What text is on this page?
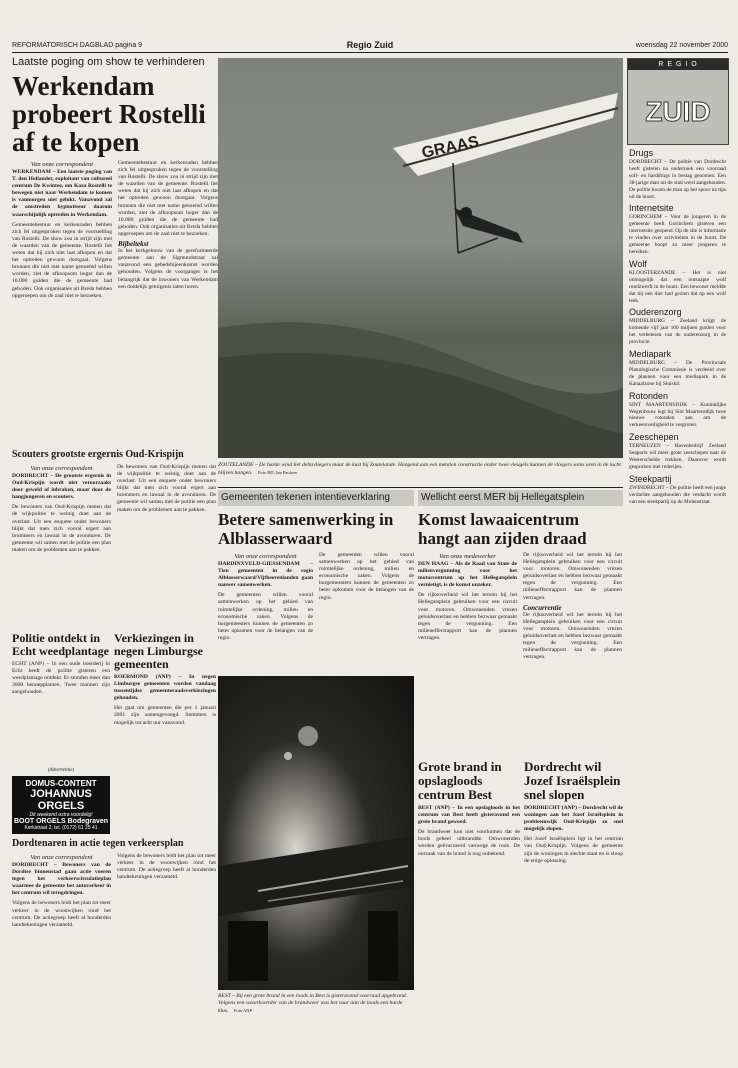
REFORMATORISCH DAGBLAD pagina 9	Regio Zuid	woensdag 22 november 2000
Laatste poging om show te verhinderen
Werkendam probeert Rostelli af te kopen
Van onze correspondent
WERKENDAM – Een laatste poging van T. den Hollander, exploitant van cultureel centrum De Kwintee, om Kaza Rostelli te bewegen niet naar Werkendam te komen is vanmorgen niet gelukt. Vanavond zal de omstreden hypnotiseur daarom waarschijnlijk optreden in Werkendam.
Gemeentebestuur en kerkenraden hebben zich fel uitgesproken tegen de voorstelling van Rostelli. De show zou in strijd zijn met de waarden van de gemeente. Rostelli liet weten dat hij zich niet laat afkopen en dat het optreden gewoon doorgaat. Volgens bronnen die niet met name genoemd willen worden, ziet de afkoopsom hoger dan de 10.000 gulden die de gemeente had geboden. Ook organisaties uit Breda hebben opgeroepen om de zaal niet te bezoeken.
Gemeentebestuur en kerkenraden hebben zich fel uitgesproken tegen de voorstelling van Rostelli. De show zou in strijd zijn met de waarden van de gemeente. Rostelli liet weten dat hij zich niet laat afkopen en dat het optreden gewoon doorgaat. Volgens bronnen die niet met name genoemd willen worden, ziet de afkoopsom hoger dan de 10.000 gulden die de gemeente had geboden. Ook organisaties uit Breda hebben opgeroepen om de zaal niet te bezoeken.
Bijbeltekst
In het kerkgebouw van de gereformeerde gemeente aan de Sigmundstraat zal vanavond een gebedsbijeenkomst worden gehouden. Volgens de voorganger is het belangrijk dat de inwoners van Werkendam een duidelijk getuigenis laten horen.
GRAAS
ZOUTELANDE – De harde wind liet deltavliegers maar de kust bij Zoutelande. Hangend aan een metalen constructie onder twee vleugels kunnen de vliegers soms uren in de lucht blijven hangen. Foto RD, Jan Paulsen
R E G I O
ZUID
Drugs
DORDRECHT – De politie van Dordrecht heeft gisteren na onderzoek een voorraad soft- en harddrugs in beslag genomen. Een 38-jarige man uit de stad werd aangehouden. De politie kwam de man op het spoor na tips uit de buurt.
Internetsite
GORINCHEM – Voor de jongeren in de gemeente heeft Gorinchem gisteren een internetsite geopend. Op de site is informatie te vinden over activiteiten in de buurt. De gemeente hoopt zo meer jongeren te bereiken.
Wolf
KLOOSTERZANDE – Het is niet onmogelijk dat een ontsnapte wolf rondzwerft in de buurt. Een bewoner meldde dat hij een dier had gezien dat op een wolf leek.
Ouderenzorg
MIDDELBURG – Zeeland krijgt de komende vijf jaar 160 miljoen gulden voor het verbeteren van de ouderenzorg in de provincie.
Mediapark
MIDDELBURG – De Provinciale Planologische Commissie is verdeeld over de plannen voor een mediapark in de Kanaalzone bij Sluiskil.
Rotonden
SINT MAARTENSDIJK – Koninklijke Wegenbouw legt bij Sint Maartensdijk twee nieuwe rotonden aan om de verkeersveiligheid te vergroten.
Zeeschepen
TERNEUZEN – Havenbedrijf Zeeland Seaports wil meer grote zeeschepen naar de Westerschelde trekken. Daarover wordt gesproken met rederijen.
Steekpartij
ZWINDRECHT – De politie heeft een jonge verdachte aangehouden die verdacht wordt van een steekpartij op de Molenstraat.
Scouters grootste ergernis Oud-Krispijn
Van onze correspondent
DORDRECHT – De grootste ergernis in Oud-Krispijn wordt niet veroorzaakt door geweld of inbraken, maar door de hangjongeren en scouters.
De bewoners van Oud-Krispijn menen dat de wijkpolitie te weinig doet aan de overlast. Uit een enquete onder bewoners blijkt dat men zich vooral ergert aan brommers en lawaai in de avonduren. De gemeente wil samen met de politie een plan maken om de problemen aan te pakken.
De bewoners van Oud-Krispijn menen dat de wijkpolitie te weinig doet aan de overlast. Uit een enquete onder bewoners blijkt dat men zich vooral ergert aan brommers en lawaai in de avonduren. De gemeente wil samen met de politie een plan maken om de problemen aan te pakken.
Politie ontdekt in Echt weedplantage
ECHT (ANP) – In een oude boerderij in Echt heeft de politie gisteren een weedplantage ontdekt. Er stonden meer dan 3000 hennepplanten. Twee mannen zijn aangehouden.
(Advertentie)
DOMUS-CONTENT
JOHANNUS ORGELS
Dit weekend extra voordelig!
BOOT ORGELS Bodegraven
Kerkstraat 2, tel. (0172) 61 25 41
Verkiezingen in negen Limburgse gemeenten
ROERMOND (ANP) – In negen Limburgse gemeenten worden vandaag tussentijdse gemeenteraadsverkiezingen gehouden.
Het gaat om gemeenten die per 1 januari 2001 zijn samengevoegd. Stemmen is mogelijk tot acht uur vanavond.
Dordtenaren in actie tegen verkeersplan
Van onze correspondent
DORDRECHT – Bewoners van de Dordtse binnenstad gaan actie voeren tegen het verkeerscirculatieplan waarmee de gemeente het autoverkeer in het centrum wil terugdringen.
Volgens de bewoners leidt het plan tot meer verkeer in de woonwijken rond het centrum. De actiegroep heeft al honderden handtekeningen verzameld.
Volgens de bewoners leidt het plan tot meer verkeer in de woonwijken rond het centrum. De actiegroep heeft al honderden handtekeningen verzameld.
Gemeenten tekenen intentieverklaring
Betere samenwerking in Alblasserwaard
Van onze correspondent
HARDINXVELD-GIESSENDAM – Tien gemeenten in de regio Alblasserwaard/Vijfheerenlanden gaan nauwer samenwerken.
De gemeenten willen vooral samenwerken op het gebied van ruimtelijke ordening, milieu en economische zaken. Volgens de burgemeesters kunnen de gemeenten zo beter opkomen voor de belangen van de regio.
De gemeenten willen vooral samenwerken op het gebied van ruimtelijke ordening, milieu en economische zaken. Volgens de burgemeesters kunnen de gemeenten zo beter opkomen voor de belangen van de regio.
Wellicht eerst MER bij Hellegatsplein
Komst lawaaicentrum hangt aan zijden draad
Van onze medewerker
DEN HAAG – Als de Raad van State de milieuvergunning voor het motorcentrum op het Hellegatsplein vernietigt, is de komst onzeker.
De rijksoverheid wil het terrein bij het Hellegatsplein gebruiken voor een circuit voor motoren. Omwonenden vrezen geluidsoverlast en hebben bezwaar gemaakt tegen de vergunning. Een milieueffectrapport kan de plannen vertragen.
De rijksoverheid wil het terrein bij het Hellegatsplein gebruiken voor een circuit voor motoren. Omwonenden vrezen geluidsoverlast en hebben bezwaar gemaakt tegen de vergunning. Een milieueffectrapport kan de plannen vertragen.
Concurrentie
De rijksoverheid wil het terrein bij het Hellegatsplein gebruiken voor een circuit voor motoren. Omwonenden vrezen geluidsoverlast en hebben bezwaar gemaakt tegen de vergunning. Een milieueffectrapport kan de plannen vertragen.
BEST – Bij een grote brand in een loods in Best is gisteravond voorraad opgebrand. Volgens een woordvoerder van de brandweer was het vuur aan de loods een harde klus. Foto ANP
Grote brand in opslagloods centrum Best
BEST (ANP) – In een opslagloods in het centrum van Best heeft gisteravond een grote brand gewoed.
De brandweer kon niet voorkomen dat de loods geheel uitbrandde. Omwonenden werden geëvacueerd vanwege de rook. De oorzaak van de brand is nog onbekend.
Dordrecht wil Jozef Israëlsplein snel slopen
DORDRECHT (ANP) – Dordrecht wil de woningen aan het Jozef Israëlsplein in probleemwijk Oud-Krispijn zo snel mogelijk slopen.
Het Jozef Israëlsplein ligt in het centrum van Oud-Krispijn. Volgens de gemeente zijn de woningen in slechte staat en is sloop de enige oplossing.
